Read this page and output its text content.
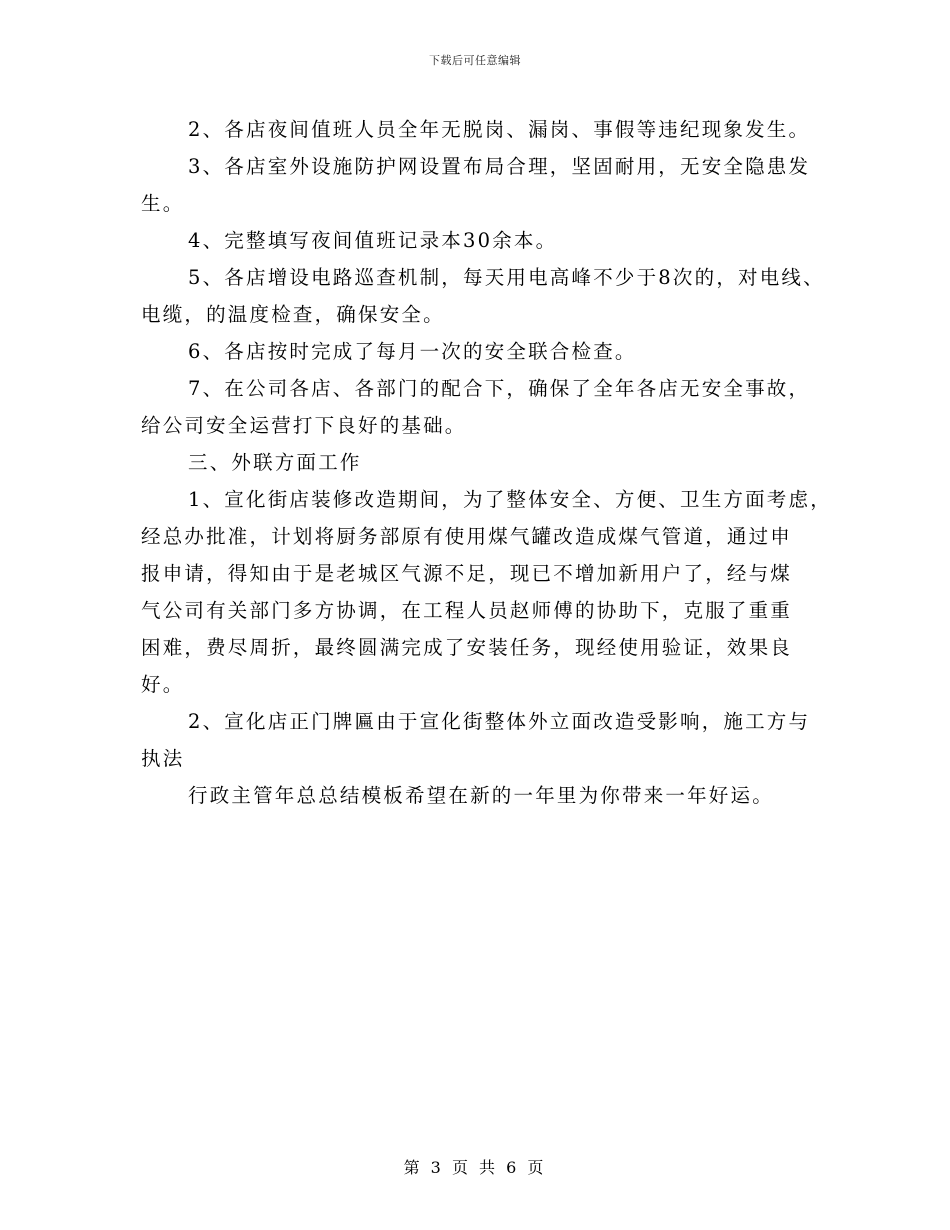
下载后可任意编辑
2、各店夜间值班人员全年无脱岗、漏岗、事假等违纪现象发生。
3、各店室外设施防护网设置布局合理，坚固耐用，无安全隐患发
生。
4、完整填写夜间值班记录本30余本。
5、各店增设电路巡查机制，每天用电高峰不少于8次的，对电线、
电缆，的温度检查，确保安全。
6、各店按时完成了每月一次的安全联合检查。
7、在公司各店、各部门的配合下，确保了全年各店无安全事故，
给公司安全运营打下良好的基础。
三、外联方面工作
1、宣化街店装修改造期间，为了整体安全、方便、卫生方面考虑，
经总办批准，计划将厨务部原有使用煤气罐改造成煤气管道，通过申
报申请，得知由于是老城区气源不足，现已不增加新用户了，经与煤
气公司有关部门多方协调，在工程人员赵师傅的协助下，克服了重重
困难，费尽周折，最终圆满完成了安装任务，现经使用验证，效果良
好。
2、宣化店正门牌匾由于宣化街整体外立面改造受影响，施工方与
执法
行政主管年总总结模板希望在新的一年里为你带来一年好运。
第 3 页 共 6 页
